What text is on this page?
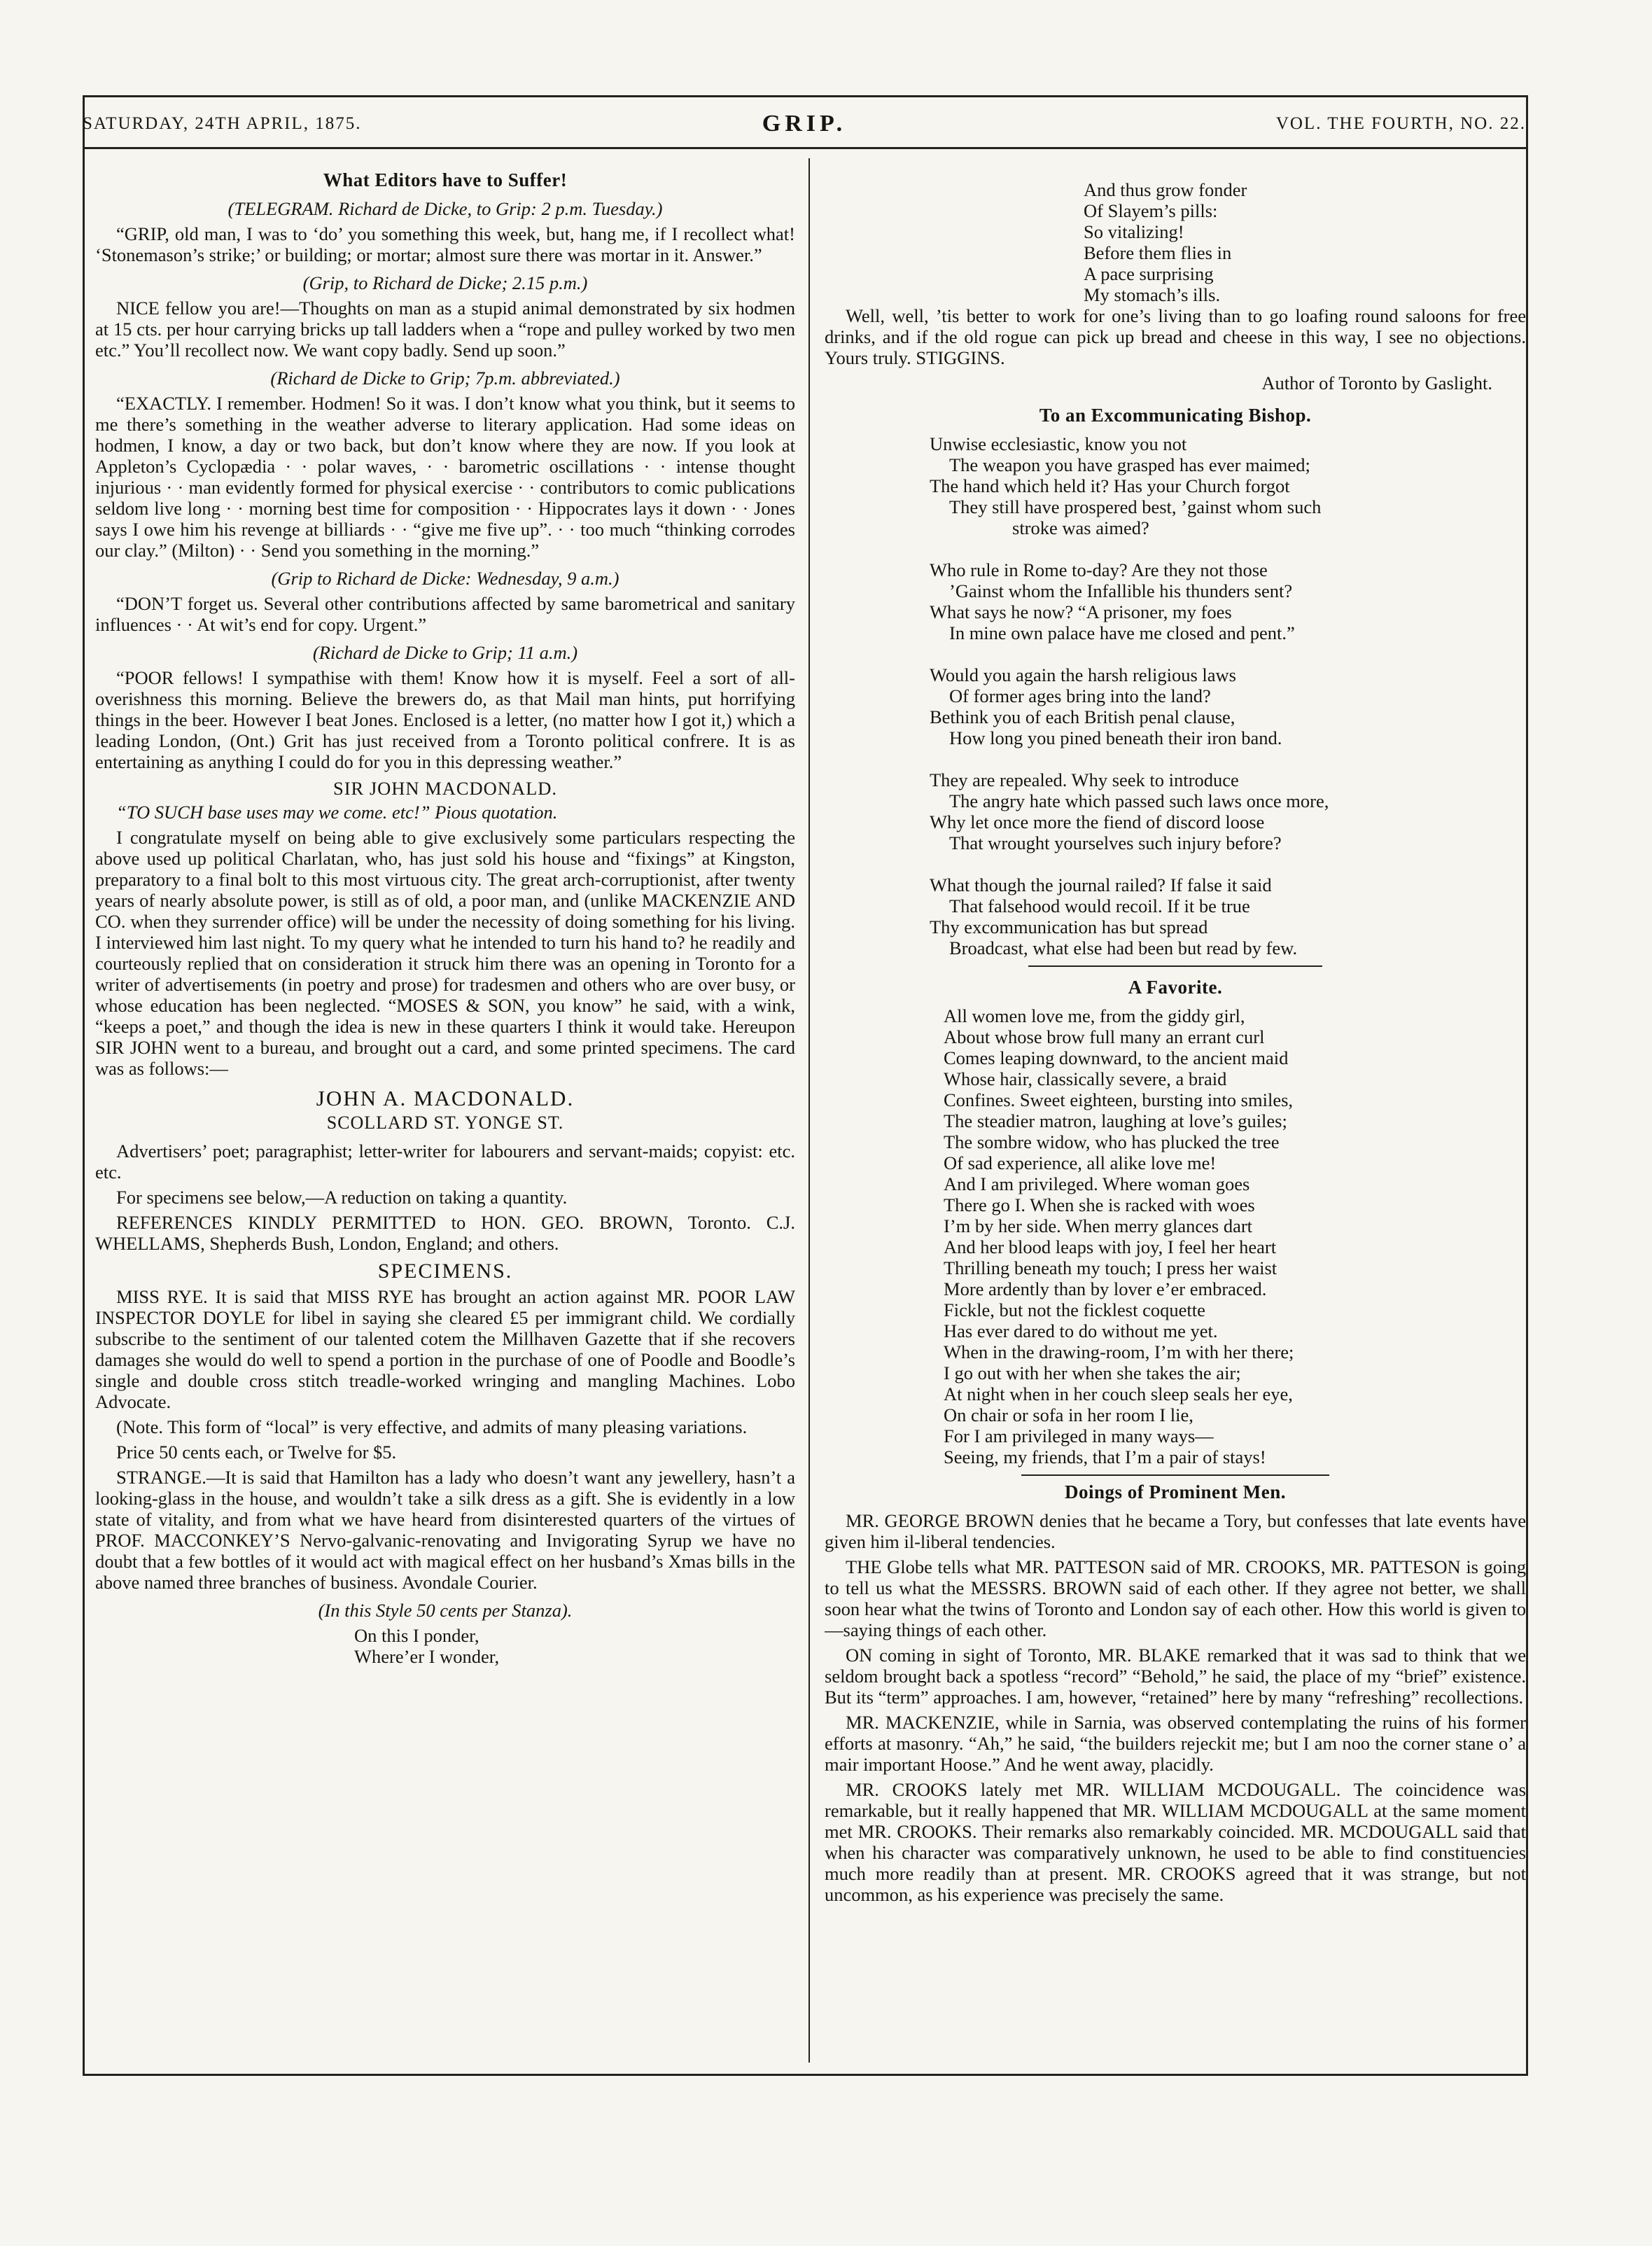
SATURDAY, 24TH APRIL, 1875.	GRIP.	VOL. THE FOURTH, NO. 22.
What Editors have to Suffer!
(TELEGRAM. Richard de Dicke, to Grip: 2 p.m. Tuesday.)

“GRIP, old man, I was to ‘do’ you something this week, but, hang me, if I recollect what! ‘Stonemason’s strike;’ or building; or mortar; almost sure there was mortar in it. Answer.”

(Grip, to Richard de Dicke; 2.15 p.m.)

NICE fellow you are!—Thoughts on man as a stupid animal demonstrated by six hodmen at 15 cts. per hour carrying bricks up tall ladders when a “rope and pulley worked by two men etc.” You’ll recollect now. We want copy badly. Send up soon.”

(Richard de Dicke to Grip; 7p.m. abbreviated.)

“EXACTLY. I remember. Hodmen! So it was. I don’t know what you think, but it seems to me there’s something in the weather adverse to literary application. Had some ideas on hodmen, I know, a day or two back, but don’t know where they are now. If you look at Appleton’s Cyclopædia · · polar waves, · · barometric oscillations · · intense thought injurious · · man evidently formed for physical exercise · · contributors to comic publications seldom live long · · morning best time for composition · · Hippocrates lays it down · · Jones says I owe him his revenge at billiards · · “give me five up”. · · too much “thinking corrodes our clay.” (Milton) · · Send you something in the morning.”

(Grip to Richard de Dicke: Wednesday, 9 a.m.)

“DON’T forget us. Several other contributions affected by same barometrical and sanitary influences · · At wit’s end for copy. Urgent.”

(Richard de Dicke to Grip; 11 a.m.)

“POOR fellows! I sympathise with them! Know how it is myself. Feel a sort of all-overishness this morning. Believe the brewers do, as that Mail man hints, put horrifying things in the beer. However I beat Jones. Enclosed is a letter, (no matter how I got it,) which a leading London, (Ont.) Grit has just received from a Toronto political confrere. It is as entertaining as anything I could do for you in this depressing weather.”

SIR JOHN MACDONALD.

“TO SUCH base uses may we come. etc!” Pious quotation.

I congratulate myself on being able to give exclusively some particulars respecting the above used up political Charlatan, who, has just sold his house and “fixings” at Kingston, preparatory to a final bolt to this most virtuous city. The great arch-corruptionist, after twenty years of nearly absolute power, is still as of old, a poor man, and (unlike MACKENZIE AND CO. when they surrender office) will be under the necessity of doing something for his living. I interviewed him last night. To my query what he intended to turn his hand to? he readily and courteously replied that on consideration it struck him there was an opening in Toronto for a writer of advertisements (in poetry and prose) for tradesmen and others who are over busy, or whose education has been neglected. “MOSES & SON, you know” he said, with a wink, “keeps a poet,” and though the idea is new in these quarters I think it would take. Hereupon SIR JOHN went to a bureau, and brought out a card, and some printed specimens. The card was as follows:—

JOHN A. MACDONALD.
SCOLLARD ST. YONGE ST.

Advertisers’ poet; paragraphist; letter-writer for labourers and servant-maids; copyist: etc. etc.

For specimens see below,—A reduction on taking a quantity.

REFERENCES KINDLY PERMITTED to HON. GEO. BROWN, Toronto. C.J. WHELLAMS, Shepherds Bush, London, England; and others.

SPECIMENS.

MISS RYE. It is said that MISS RYE has brought an action against MR. POOR LAW INSPECTOR DOYLE for libel in saying she cleared £5 per immigrant child. We cordially subscribe to the sentiment of our talented cotem the Millhaven Gazette that if she recovers damages she would do well to spend a portion in the purchase of one of Poodle and Boodle’s single and double cross stitch treadle-worked wringing and mangling Machines. Lobo Advocate.

(Note. This form of “local” is very effective, and admits of many pleasing variations.

Price 50 cents each, or Twelve for $5.

STRANGE.—It is said that Hamilton has a lady who doesn’t want any jewellery, hasn’t a looking-glass in the house, and wouldn’t take a silk dress as a gift. She is evidently in a low state of vitality, and from what we have heard from disinterested quarters of the virtues of PROF. MACCONKEY’S Nervo-galvanic-renovating and Invigorating Syrup we have no doubt that a few bottles of it would act with magical effect on her husband’s Xmas bills in the above named three branches of business. Avondale Courier.

(In this Style 50 cents per Stanza).
On this I ponder,
Where’er I wonder,
And thus grow fonder
Of Slayem’s pills:
So vitalizing!
Before them flies in
A pace surprising
My stomach’s ills.

Well, well, ’tis better to work for one’s living than to go loafing round saloons for free drinks, and if the old rogue can pick up bread and cheese in this way, I see no objections. Yours truly. STIGGINS.

Author of Toronto by Gaslight.
To an Excommunicating Bishop.
Unwise ecclesiastic, know you not
The weapon you have grasped has ever maimed;
The hand which held it? Has your Church forgot
They still have prospered best, ’gainst whom such
stroke was aimed?
Who rule in Rome to-day? Are they not those
’Gainst whom the Infallible his thunders sent?
What says he now? “A prisoner, my foes
In mine own palace have me closed and pent.”
Would you again the harsh religious laws
Of former ages bring into the land?
Bethink you of each British penal clause,
How long you pined beneath their iron band.
They are repealed. Why seek to introduce
The angry hate which passed such laws once more,
Why let once more the fiend of discord loose
That wrought yourselves such injury before?
What though the journal railed? If false it said
That falsehood would recoil. If it be true
Thy excommunication has but spread
Broadcast, what else had been but read by few.
A Favorite.
All women love me, from the giddy girl,
About whose brow full many an errant curl
Comes leaping downward, to the ancient maid
Whose hair, classically severe, a braid
Confines. Sweet eighteen, bursting into smiles,
The steadier matron, laughing at love’s guiles;
The sombre widow, who has plucked the tree
Of sad experience, all alike love me!
And I am privileged. Where woman goes
There go I. When she is racked with woes
I’m by her side. When merry glances dart
And her blood leaps with joy, I feel her heart
Thrilling beneath my touch; I press her waist
More ardently than by lover e’er embraced.
Fickle, but not the ficklest coquette
Has ever dared to do without me yet.
When in the drawing-room, I’m with her there;
I go out with her when she takes the air;
At night when in her couch sleep seals her eye,
On chair or sofa in her room I lie,
For I am privileged in many ways—
Seeing, my friends, that I’m a pair of stays!
Doings of Prominent Men.

MR. GEORGE BROWN denies that he became a Tory, but confesses that late events have given him il-liberal tendencies.

THE Globe tells what MR. PATTESON said of MR. CROOKS, MR. PATTESON is going to tell us what the MESSRS. BROWN said of each other. If they agree not better, we shall soon hear what the twins of Toronto and London say of each other. How this world is given to—saying things of each other.

ON coming in sight of Toronto, MR. BLAKE remarked that it was sad to think that we seldom brought back a spotless “record” “Behold,” he said, the place of my “brief” existence. But its “term” approaches. I am, however, “retained” here by many “refreshing” recollections.

MR. MACKENZIE, while in Sarnia, was observed contemplating the ruins of his former efforts at masonry. “Ah,” he said, “the builders rejeckit me; but I am noo the corner stane o’ a mair important Hoose.” And he went away, placidly.

MR. CROOKS lately met MR. WILLIAM MCDOUGALL. The coincidence was remarkable, but it really happened that MR. WILLIAM MCDOUGALL at the same moment met MR. CROOKS. Their remarks also remarkably coincided. MR. MCDOUGALL said that when his character was comparatively unknown, he used to be able to find constituencies much more readily than at present. MR. CROOKS agreed that it was strange, but not uncommon, as his experience was precisely the same.
